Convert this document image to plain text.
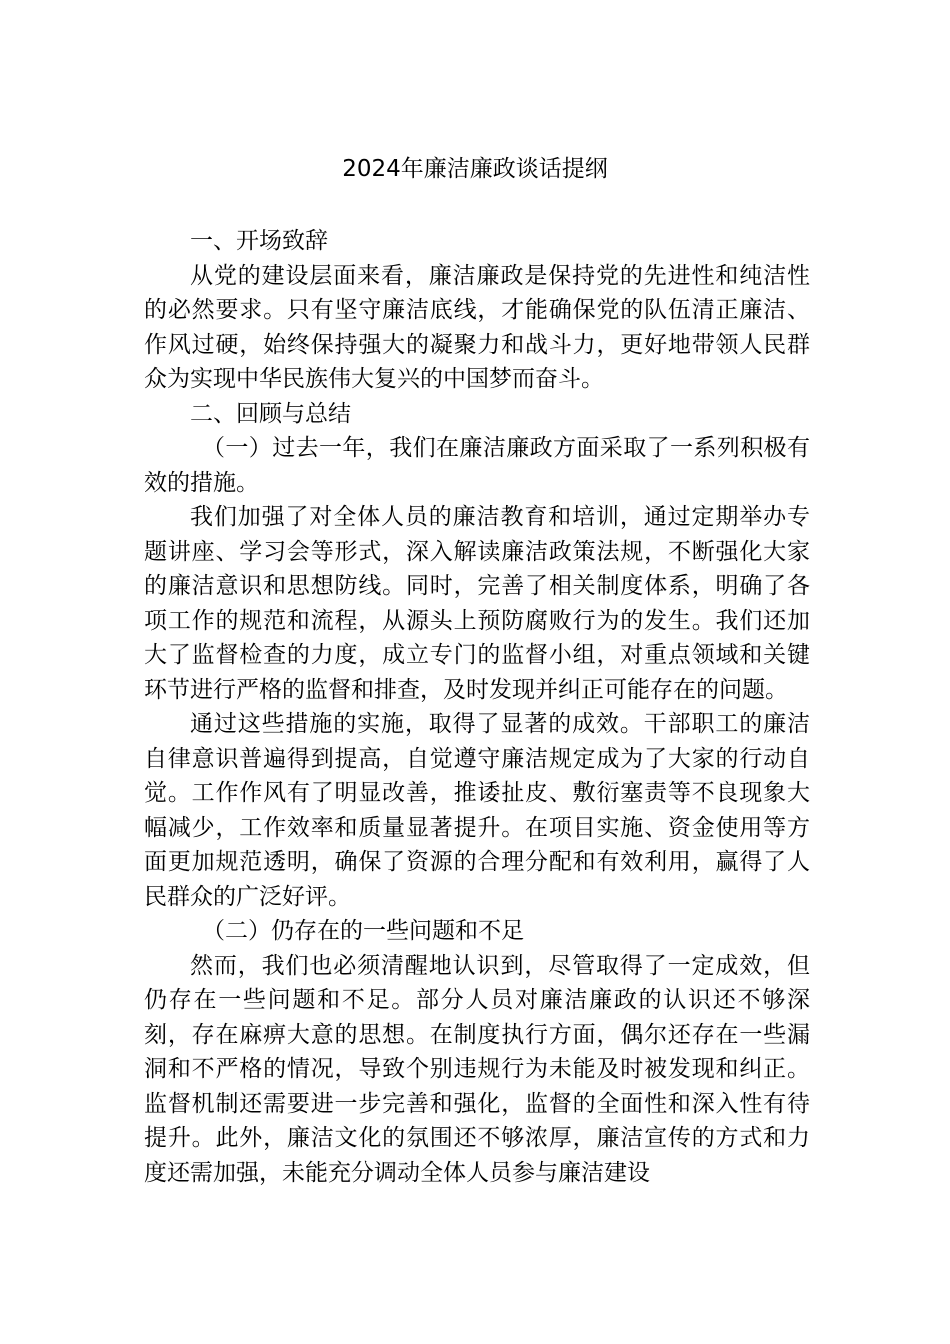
2024年廉洁廉政谈话提纲

一、开场致辞

从党的建设层面来看，廉洁廉政是保持党的先进性和纯洁性的必然要求。只有坚守廉洁底线，才能确保党的队伍清正廉洁、作风过硬，始终保持强大的凝聚力和战斗力，更好地带领人民群众为实现中华民族伟大复兴的中国梦而奋斗。

二、回顾与总结

（一）过去一年，我们在廉洁廉政方面采取了一系列积极有效的措施。

我们加强了对全体人员的廉洁教育和培训，通过定期举办专题讲座、学习会等形式，深入解读廉洁政策法规，不断强化大家的廉洁意识和思想防线。同时，完善了相关制度体系，明确了各项工作的规范和流程，从源头上预防腐败行为的发生。我们还加大了监督检查的力度，成立专门的监督小组，对重点领域和关键环节进行严格的监督和排查，及时发现并纠正可能存在的问题。

通过这些措施的实施，取得了显著的成效。干部职工的廉洁自律意识普遍得到提高，自觉遵守廉洁规定成为了大家的行动自觉。工作作风有了明显改善，推诿扯皮、敷衍塞责等不良现象大幅减少，工作效率和质量显著提升。在项目实施、资金使用等方面更加规范透明，确保了资源的合理分配和有效利用，赢得了人民群众的广泛好评。

（二）仍存在的一些问题和不足

然而，我们也必须清醒地认识到，尽管取得了一定成效，但仍存在一些问题和不足。部分人员对廉洁廉政的认识还不够深刻，存在麻痹大意的思想。在制度执行方面，偶尔还存在一些漏洞和不严格的情况，导致个别违规行为未能及时被发现和纠正。监督机制还需要进一步完善和强化，监督的全面性和深入性有待提升。此外，廉洁文化的氛围还不够浓厚，廉洁宣传的方式和力度还需加强，未能充分调动全体人员参与廉洁建设
